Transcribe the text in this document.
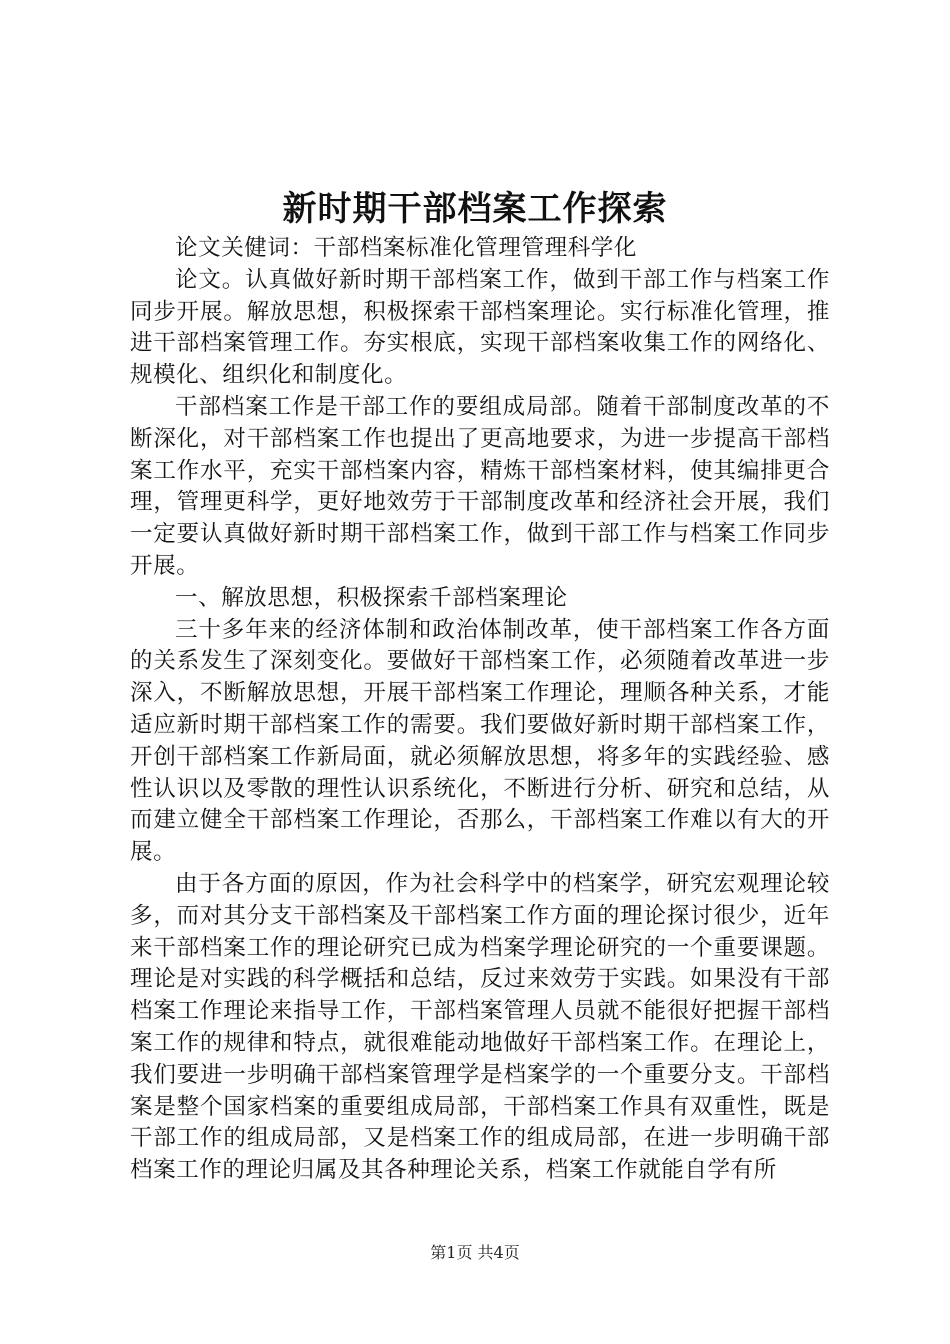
新时期干部档案工作探索

论文关健词：干部档案标准化管理管理科学化

论文。认真做好新时期干部档案工作，做到干部工作与档案工作同步开展。解放思想，积极探索干部档案理论。实行标准化管理，推进干部档案管理工作。夯实根底，实现干部档案收集工作的网络化、规模化、组织化和制度化。

干部档案工作是干部工作的要组成局部。随着干部制度改革的不断深化，对干部档案工作也提出了更高地要求，为进一步提高干部档案工作水平，充实干部档案内容，精炼干部档案材料，使其编排更合理，管理更科学，更好地效劳于干部制度改革和经济社会开展，我们一定要认真做好新时期干部档案工作，做到干部工作与档案工作同步开展。

一、解放思想，积极探索千部档案理论

三十多年来的经济体制和政治体制改革，使干部档案工作各方面的关系发生了深刻变化。要做好干部档案工作，必须随着改革进一步深入，不断解放思想，开展干部档案工作理论，理顺各种关系，才能适应新时期干部档案工作的需要。我们要做好新时期干部档案工作，开创干部档案工作新局面，就必须解放思想，将多年的实践经验、感性认识以及零散的理性认识系统化，不断进行分析、研究和总结，从而建立健全干部档案工作理论，否那么，干部档案工作难以有大的开展。

由于各方面的原因，作为社会科学中的档案学，研究宏观理论较多，而对其分支干部档案及干部档案工作方面的理论探讨很少，近年来干部档案工作的理论研究已成为档案学理论研究的一个重要课题。理论是对实践的科学概括和总结，反过来效劳于实践。如果没有干部档案工作理论来指导工作，干部档案管理人员就不能很好把握干部档案工作的规律和特点，就很难能动地做好干部档案工作。在理论上，我们要进一步明确干部档案管理学是档案学的一个重要分支。干部档案是整个国家档案的重要组成局部，干部档案工作具有双重性，既是干部工作的组成局部，又是档案工作的组成局部，在进一步明确干部档案工作的理论归属及其各种理论关系，档案工作就能自学有所

第1页 共4页
